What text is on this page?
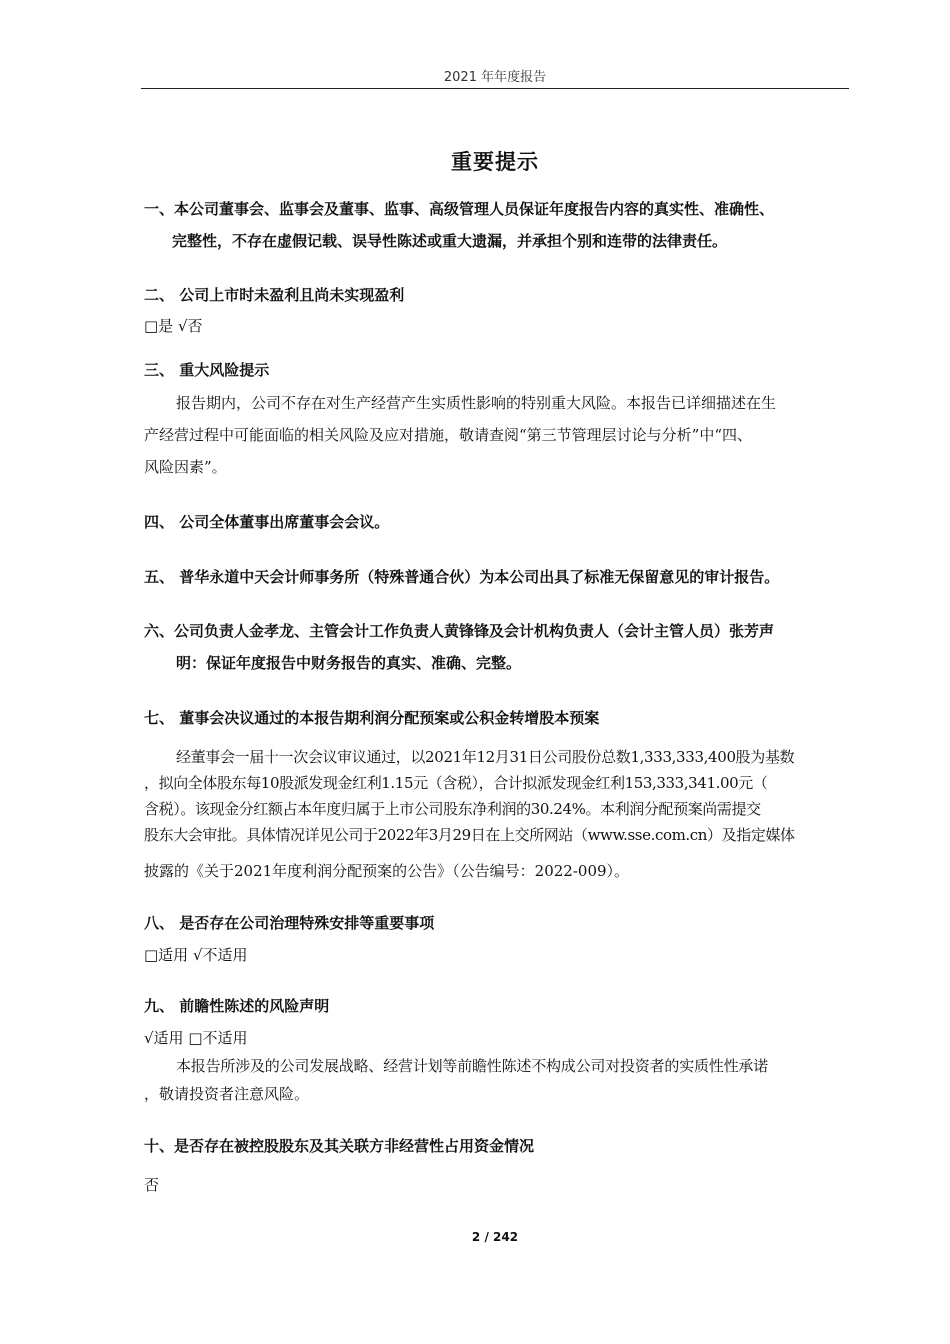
2021 年年度报告
重要提示
一、本公司董事会、监事会及董事、监事、高级管理人员保证年度报告内容的真实性、准确性、
完整性，不存在虚假记载、误导性陈述或重大遗漏，并承担个别和连带的法律责任。
二、 公司上市时未盈利且尚未实现盈利
□是 √否
三、 重大风险提示
报告期内，公司不存在对生产经营产生实质性影响的特别重大风险。本报告已详细描述在生
产经营过程中可能面临的相关风险及应对措施，敬请查阅“第三节管理层讨论与分析”中“四、
风险因素”。
四、 公司全体董事出席董事会会议。
五、 普华永道中天会计师事务所（特殊普通合伙）为本公司出具了标准无保留意见的审计报告。
六、公司负责人金孝龙、主管会计工作负责人黄锋锋及会计机构负责人（会计主管人员）张芳声
明：保证年度报告中财务报告的真实、准确、完整。
七、 董事会决议通过的本报告期利润分配预案或公积金转增股本预案
经董事会一届十一次会议审议通过，以2021年12月31日公司股份总数1,333,333,400股为基数
，拟向全体股东每10股派发现金红利1.15元（含税），合计拟派发现金红利153,333,341.00元（
含税）。该现金分红额占本年度归属于上市公司股东净利润的30.24%。本利润分配预案尚需提交
股东大会审批。具体情况详见公司于2022年3月29日在上交所网站（www.sse.com.cn）及指定媒体
披露的《关于2021年度利润分配预案的公告》（公告编号：2022-009）。
八、 是否存在公司治理特殊安排等重要事项
□适用 √不适用
九、 前瞻性陈述的风险声明
√适用 □不适用
本报告所涉及的公司发展战略、经营计划等前瞻性陈述不构成公司对投资者的实质性性承诺
，敬请投资者注意风险。
十、是否存在被控股股东及其关联方非经营性占用资金情况
否
2 / 242
